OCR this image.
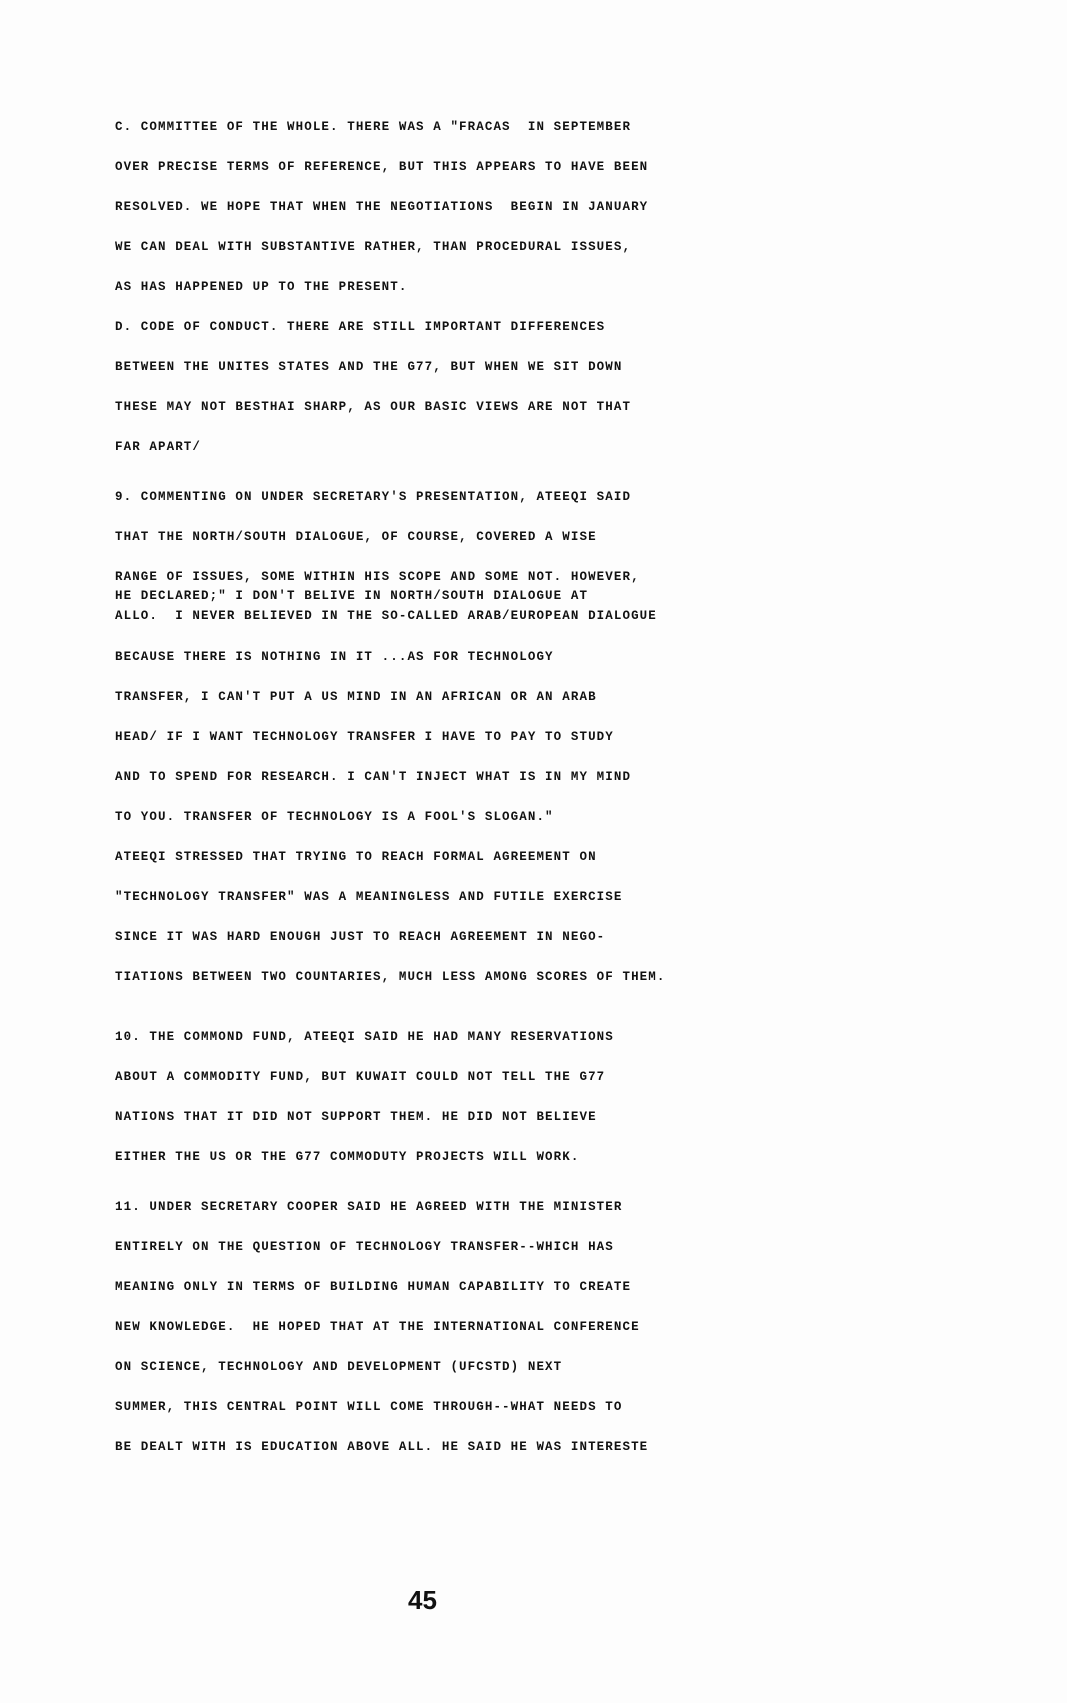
C. COMMITTEE OF THE WHOLE. THERE WAS A "FRACAS  IN SEPTEMBER
OVER PRECISE TERMS OF REFERENCE, BUT THIS APPEARS TO HAVE BEEN
RESOLVED. WE HOPE THAT WHEN THE NEGOTIATIONS  BEGIN IN JANUARY
WE CAN DEAL WITH SUBSTANTIVE RATHER, THAN PROCEDURAL ISSUES,
AS HAS HAPPENED UP TO THE PRESENT.
D. CODE OF CONDUCT. THERE ARE STILL IMPORTANT DIFFERENCES
BETWEEN THE UNITES STATES AND THE G77, BUT WHEN WE SIT DOWN
THESE MAY NOT BESTHAI SHARP, AS OUR BASIC VIEWS ARE NOT THAT
FAR APART/
9. COMMENTING ON UNDER SECRETARY'S PRESENTATION, ATEEQI SAID
THAT THE NORTH/SOUTH DIALOGUE, OF COURSE, COVERED A WISE
RANGE OF ISSUES, SOME WITHIN HIS SCOPE AND SOME NOT. HOWEVER,
HE DECLARED;" I DON'T BELIVE IN NORTH/SOUTH DIALOGUE AT
ALLO.  I NEVER BELIEVED IN THE SO-CALLED ARAB/EUROPEAN DIALOGUE
BECAUSE THERE IS NOTHING IN IT ...AS FOR TECHNOLOGY
TRANSFER, I CAN'T PUT A US MIND IN AN AFRICAN OR AN ARAB
HEAD/ IF I WANT TECHNOLOGY TRANSFER I HAVE TO PAY TO STUDY
AND TO SPEND FOR RESEARCH. I CAN'T INJECT WHAT IS IN MY MIND
TO YOU. TRANSFER OF TECHNOLOGY IS A FOOL'S SLOGAN."
ATEEQI STRESSED THAT TRYING TO REACH FORMAL AGREEMENT ON
"TECHNOLOGY TRANSFER" WAS A MEANINGLESS AND FUTILE EXERCISE
SINCE IT WAS HARD ENOUGH JUST TO REACH AGREEMENT IN NEGO-
TIATIONS BETWEEN TWO COUNTARIES, MUCH LESS AMONG SCORES OF THEM.
10. THE COMMOND FUND, ATEEQI SAID HE HAD MANY RESERVATIONS
ABOUT A COMMODITY FUND, BUT KUWAIT COULD NOT TELL THE G77
NATIONS THAT IT DID NOT SUPPORT THEM. HE DID NOT BELIEVE
EITHER THE US OR THE G77 COMMODUTY PROJECTS WILL WORK.
11. UNDER SECRETARY COOPER SAID HE AGREED WITH THE MINISTER
ENTIRELY ON THE QUESTION OF TECHNOLOGY TRANSFER--WHICH HAS
MEANING ONLY IN TERMS OF BUILDING HUMAN CAPABILITY TO CREATE
NEW KNOWLEDGE.  HE HOPED THAT AT THE INTERNATIONAL CONFERENCE
ON SCIENCE, TECHNOLOGY AND DEVELOPMENT (UFCSTD) NEXT
SUMMER, THIS CENTRAL POINT WILL COME THROUGH--WHAT NEEDS TO
BE DEALT WITH IS EDUCATION ABOVE ALL. HE SAID HE WAS INTERESTE
45
